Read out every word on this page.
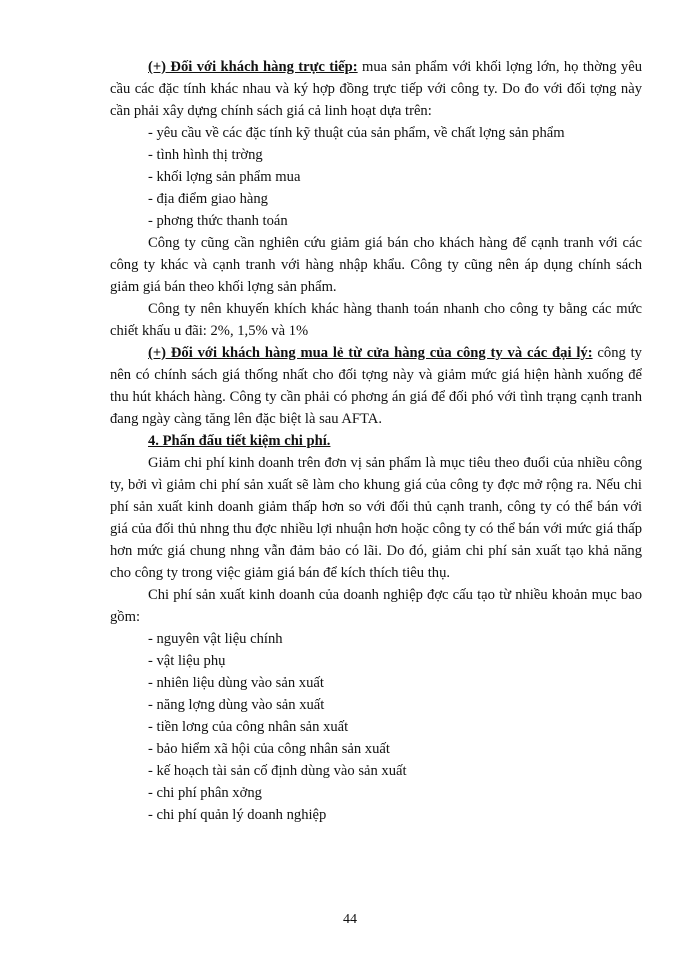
(+) Đối với khách hàng trực tiếp: mua sản phẩm với khối lợng lớn, họ thờng yêu cầu các đặc tính khác nhau và ký hợp đồng trực tiếp với công ty. Do đo với đối tợng này cần phải xây dựng chính sách giá cả linh hoạt dựa trên:

- yêu cầu về các đặc tính kỹ thuật của sản phẩm, về chất lợng sản phẩm

- tình hình thị trờng

- khối lợng sản phẩm mua

- địa điểm giao hàng

- phơng thức thanh toán

Công ty cũng cần nghiên cứu giảm giá bán cho khách hàng để cạnh tranh với các công ty khác và cạnh tranh với hàng nhập khẩu. Công ty cũng nên áp dụng chính sách giảm giá bán theo khối lợng sản phẩm.

Công ty nên khuyến khích khác hàng thanh toán nhanh cho công ty bằng các mức chiết khấu u đãi: 2%, 1,5% và 1%

(+) Đối với khách hàng mua lẻ từ cửa hàng của công ty và các đại lý: công ty nên có chính sách giá thống nhất cho đối tợng này và giảm mức giá hiện hành xuống để thu hút khách hàng. Công ty cần phải có phơng án giá để đối phó với tình trạng cạnh tranh đang ngày càng tăng lên đặc biệt là sau AFTA.

4. Phấn đấu tiết kiệm chi phí.

Giảm chi phí kinh doanh trên đơn vị sản phẩm là mục tiêu theo đuổi của nhiều công ty, bởi vì giảm chi phí sản xuất sẽ làm cho khung giá của công ty đợc mở rộng ra. Nếu chi phí sản xuất kinh doanh giảm thấp hơn so với đối thủ cạnh tranh, công ty có thể bán với giá của đối thủ nhng thu đợc nhiều lợi nhuận hơn hoặc công ty có thể bán với mức giá thấp hơn mức giá chung nhng vẫn đảm bảo có lãi. Do đó, giảm chi phí sản xuất tạo khả năng cho công ty trong việc giảm giá bán để kích thích tiêu thụ.

Chi phí sản xuất kinh doanh của doanh nghiệp đợc cấu tạo từ nhiều khoản mục bao gồm:

- nguyên vật liệu chính

- vật liệu phụ

- nhiên liệu dùng vào sản xuất

- năng lợng dùng vào sản xuất

- tiền lơng của công nhân sản xuất

- bảo hiểm xã hội của công nhân sản xuất

- kế hoạch tài sản cố định dùng vào sản xuất

- chi phí phân xởng

- chi phí quản lý doanh nghiệp

44
